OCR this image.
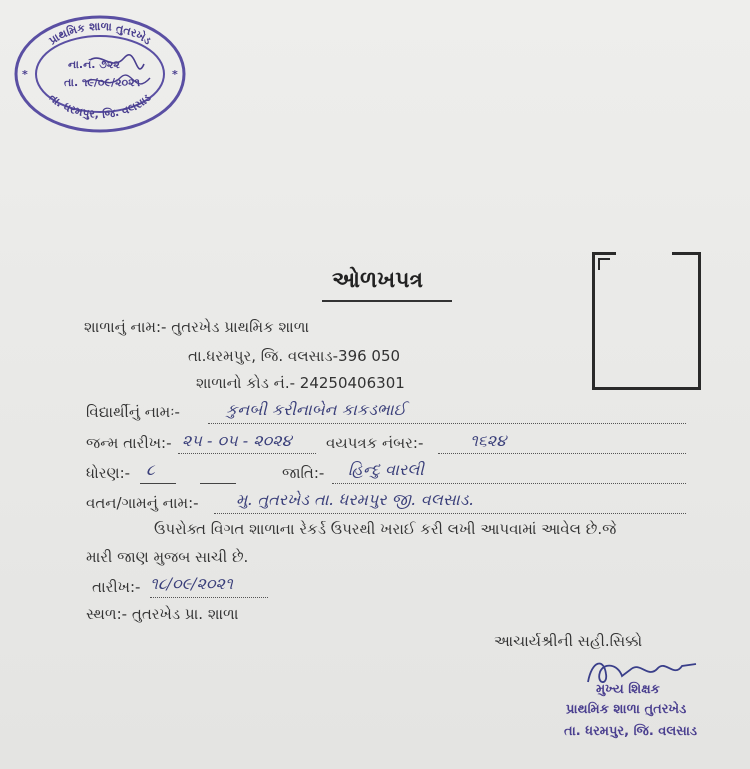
પ્રાથમિક શાળા તુતરખેડ
તા. ધરમપુર, જિ. વલસાડ
*	*
ના.નં. ૭૨૨
તા. ૧૯/૦૯/૨૦૨૧
ઓળખપત્ર
શાળાનું નામ:- તુતરખેડ પ્રાથમિક શાળા
તા.ધરમપુર, જિ. વલસાડ-396 050
શાળાનો કોડ નં.- 24250406301
વિદ્યાર્થીનું નામઃ-	કુનબી કરીનાબેન કાકડભાઈ
જન્મ તારીખ:- ૨૫ - ૦૫ - ૨૦૨૪ વયપત્રક નંબર:-	૧૬૨૪
ધોરણ:- ૮	જાતિ:- હિન્દુ વારલી
વતન/ગામનું નામ:- મુ. તુતરખેડ તા. ધરમપુર જી. વલસાડ.
ઉપરોક્ત વિગત શાળાના રેકર્ડ ઉપરથી ખરાઈ કરી લખી આપવામાં આવેલ છે.જે
મારી જાણ મુજબ સાચી છે.
તારીખ:- ૧૮/૦૯/૨૦૨૧
સ્થળ:- તુતરખેડ પ્રા. શાળા
આચાર્યશ્રીની સહી.સિક્કો
મુખ્ય શિક્ષક
પ્રાથમિક શાળા તુતરખેડ
તા. ધરમપુર, જિ. વલસાડ
